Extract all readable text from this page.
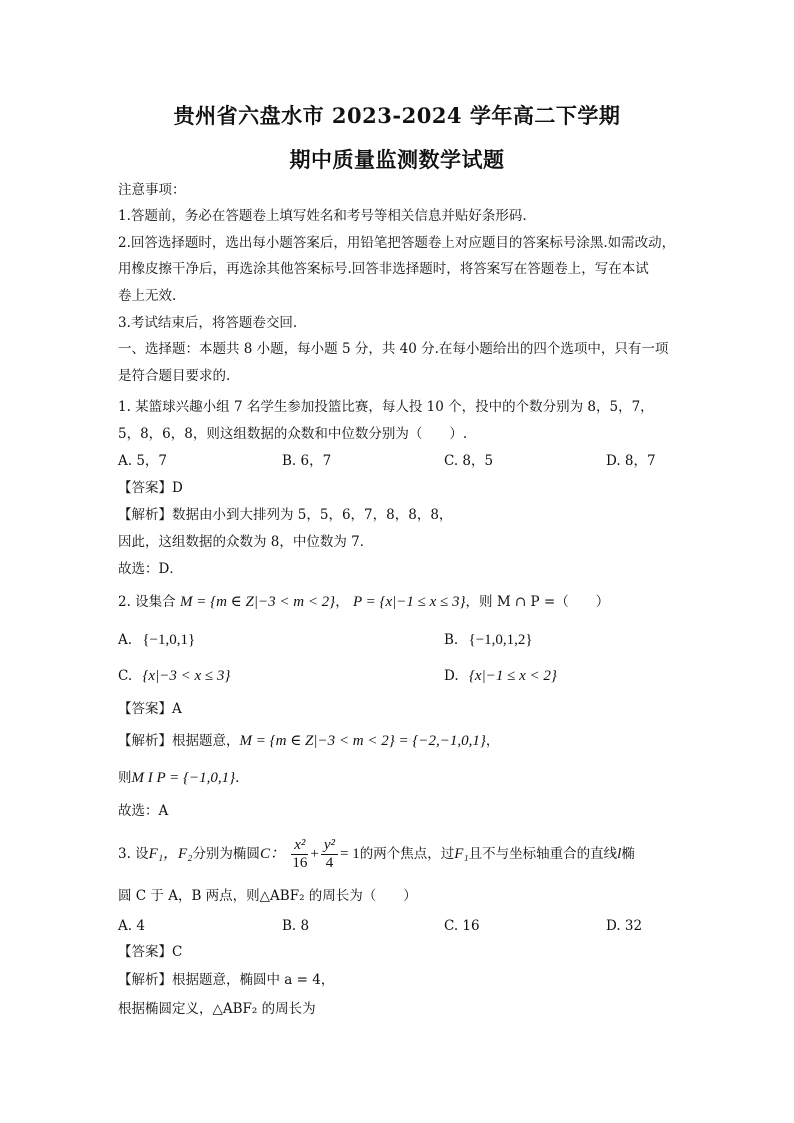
贵州省六盘水市 2023-2024 学年高二下学期
期中质量监测数学试题
注意事项：
1.答题前，务必在答题卷上填写姓名和考号等相关信息并贴好条形码.
2.回答选择题时，选出每小题答案后，用铅笔把答题卷上对应题目的答案标号涂黑.如需改动，
用橡皮擦干净后，再选涂其他答案标号.回答非选择题时，将答案写在答题卷上，写在本试
卷上无效.
3.考试结束后，将答题卷交回.
一、选择题：本题共 8 小题，每小题 5 分，共 40 分.在每小题给出的四个选项中，只有一项
是符合题目要求的.
1. 某篮球兴趣小组 7 名学生参加投篮比赛，每人投 10 个，投中的个数分别为 8，5，7，
5，8，6，8，则这组数据的众数和中位数分别为（　　）.
A. 5，7	B. 6，7	C. 8，5	D. 8，7
【答案】D
【解析】数据由小到大排列为 5，5，6，7，8，8，8，
因此，这组数据的众数为 8，中位数为 7．
故选：D．
2. 设集合 M = {m ∈ Z|−3 < m < 2}， P = {x|−1 ≤ x ≤ 3}，则 M ∩ P =（　　）
A. {−1,0,1}	B. {−1,0,1,2}
C. {x|−3 < x ≤ 3}	D. {x|−1 ≤ x < 2}
【答案】A
【解析】根据题意，M = {m ∈ Z|−3 < m < 2} = {−2,−1,0,1}，
则M I P = {−1,0,1}.
故选：A
3. 设F₁，F₂分别为椭圆C： $\frac{\text{x²}}{16} + \frac{\text{y²}}{4} = 1$的两个焦点，过F₁且不与坐标轴重合的直线l椭
圆 C 于 A，B 两点，则△ABF₂ 的周长为（　　）
A. 4	B. 8	C. 16	D. 32
【答案】C
【解析】根据题意，椭圆中 a = 4，
根据椭圆定义，△ABF₂ 的周长为
